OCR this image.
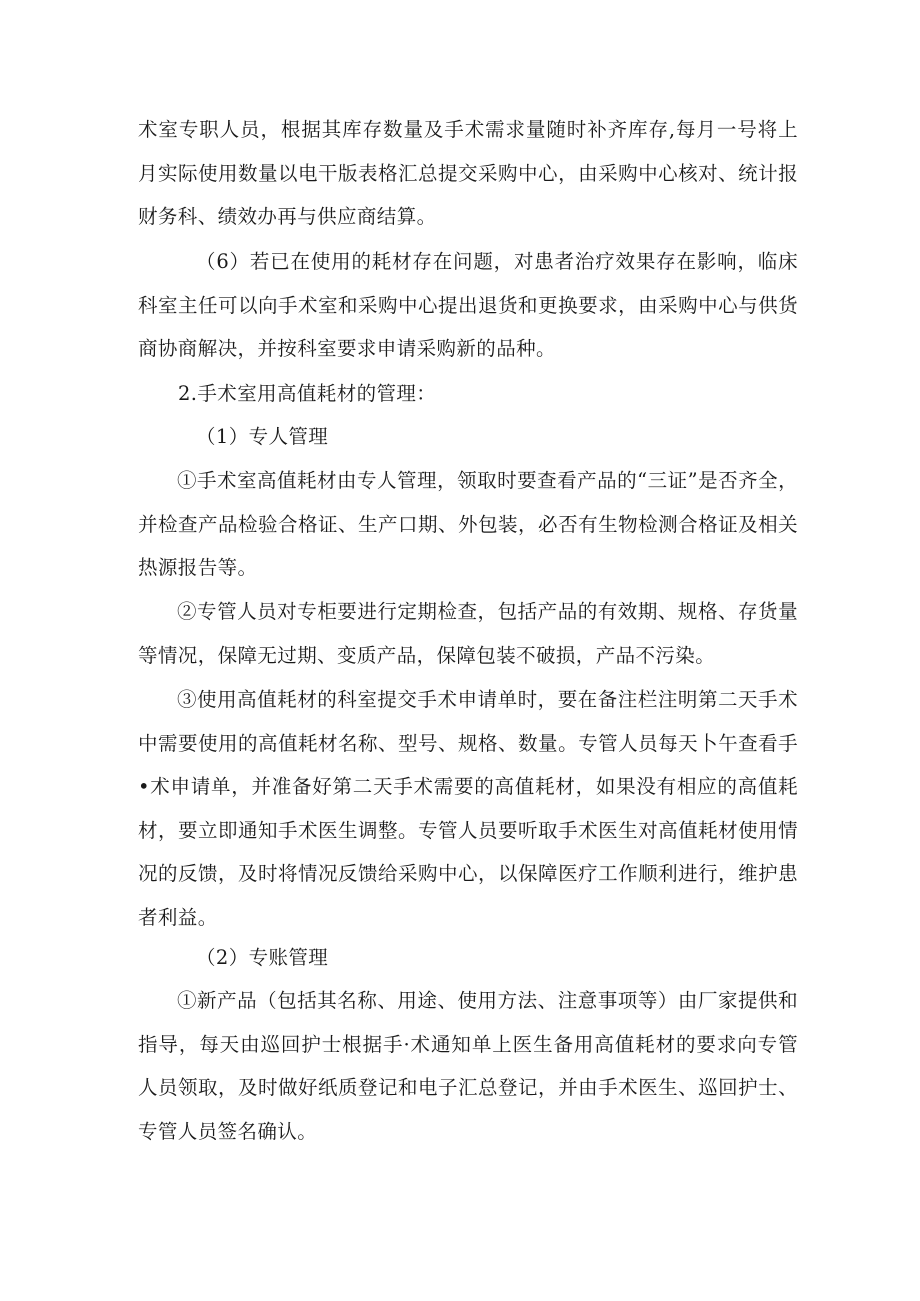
术室专职人员，根据其库存数量及手术需求量随时补齐库存,每月一号将上月实际使用数量以电干版表格汇总提交采购中心，由采购中心核对、统计报财务科、绩效办再与供应商结算。

（6）若已在使用的耗材存在问题，对患者治疗效果存在影响，临床科室主任可以向手术室和采购中心提出退货和更换要求，由采购中心与供货商协商解决，并按科室要求申请采购新的品种。

2.手术室用高值耗材的管理：

（1）专人管理

①手术室高值耗材由专人管理，领取时要查看产品的“三证”是否齐全，并检查产品检验合格证、生产口期、外包装，必否有生物检测合格证及相关热源报告等。

②专管人员对专柜要进行定期检查，包括产品的有效期、规格、存货量等情况，保障无过期、变质产品，保障包装不破损，产品不污染。

③使用高值耗材的科室提交手术申请单时，要在备注栏注明第二天手术中需要使用的高值耗材名称、型号、规格、数量。专管人员每天卜午查看手•术申请单，并准备好第二天手术需要的高值耗材，如果没有相应的高值耗材，要立即通知手术医生调整。专管人员要听取手术医生对高值耗材使用情况的反馈，及时将情况反馈给采购中心，以保障医疗工作顺利进行，维护患者利益。

（2）专账管理

①新产品（包括其名称、用途、使用方法、注意事项等）由厂家提供和指导，每天由巡回护士根据手·术通知单上医生备用高值耗材的要求向专管人员领取，及时做好纸质登记和电子汇总登记，并由手术医生、巡回护士、专管人员签名确认。
